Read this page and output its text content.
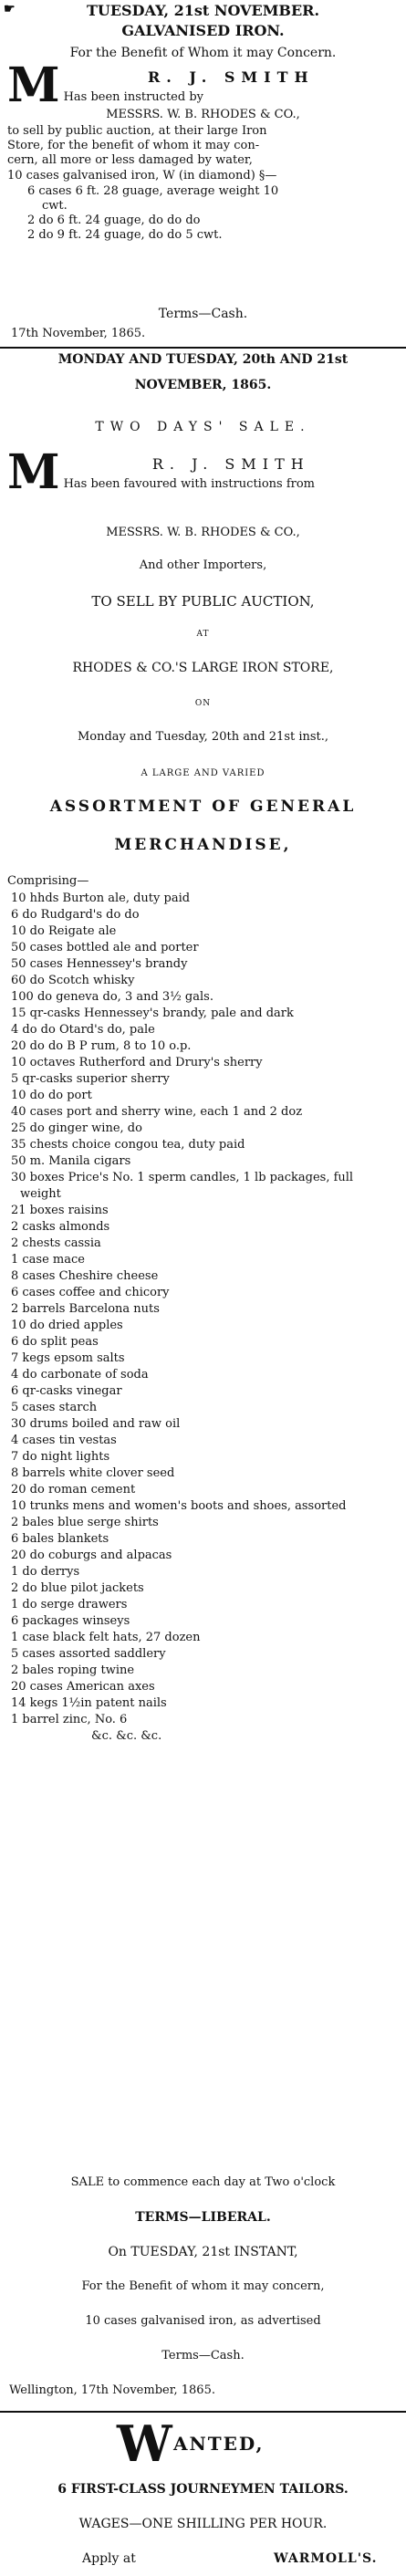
☛	TUESDAY, 21st NOVEMBER.
GALVANISED IRON.
For the Benefit of Whom it may Concern.
M	R. J. SMITH
Has been instructed by
MESSRS. W. B. RHODES & CO.,
to sell by public auction, at their large Iron
Store, for the benefit of whom it may con-
cern, all more or less damaged by water,
10 cases galvanised iron, W (in diamond) §—
6 cases 6 ft. 28 guage, average weight 10
cwt.
2 do 6 ft. 24 guage, do do do
2 do 9 ft. 24 guage, do do 5 cwt.
Terms—Cash.
17th November, 1865.
MONDAY AND TUESDAY, 20th AND 21st
NOVEMBER, 1865.
TWO DAYS' SALE.
M	R. J. SMITH
Has been favoured with instructions from
MESSRS. W. B. RHODES & CO.,
And other Importers,
TO SELL BY PUBLIC AUCTION,
AT
RHODES & CO.'S LARGE IRON STORE,
ON
Monday and Tuesday, 20th and 21st inst.,
A LARGE AND VARIED
ASSORTMENT OF GENERAL
MERCHANDISE,
Comprising—
10 hhds Burton ale, duty paid
6 do Rudgard's do do
10 do Reigate ale
50 cases bottled ale and porter
50 cases Hennessey's brandy
60 do Scotch whisky
100 do geneva do, 3 and 3½ gals.
15 qr-casks Hennessey's brandy, pale and dark
4 do do Otard's do, pale
20 do do B P rum, 8 to 10 o.p.
10 octaves Rutherford and Drury's sherry
5 qr-casks superior sherry
10 do do port
40 cases port and sherry wine, each 1 and 2 doz
25 do ginger wine, do
35 chests choice congou tea, duty paid
50 m. Manila cigars
30 boxes Price's No. 1 sperm candles, 1 lb packages, full weight
21 boxes raisins
2 casks almonds
2 chests cassia
1 case mace
8 cases Cheshire cheese
6 cases coffee and chicory
2 barrels Barcelona nuts
10 do dried apples
6 do split peas
7 kegs epsom salts
4 do carbonate of soda
6 qr-casks vinegar
5 cases starch
30 drums boiled and raw oil
4 cases tin vestas
7 do night lights
8 barrels white clover seed
20 do roman cement
10 trunks mens and women's boots and shoes, assorted
2 bales blue serge shirts
6 bales blankets
20 do coburgs and alpacas
1 do derrys
2 do blue pilot jackets
1 do serge drawers
6 packages winseys
1 case black felt hats, 27 dozen
5 cases assorted saddlery
2 bales roping twine
20 cases American axes
14 kegs 1½in patent nails
1 barrel zinc, No. 6
&c. &c. &c.
SALE to commence each day at Two o'clock
TERMS—LIBERAL.
On TUESDAY, 21st INSTANT,
For the Benefit of whom it may concern,
10 cases galvanised iron, as advertised
Terms—Cash.
Wellington, 17th November, 1865.
W ANTED,
6 FIRST-CLASS JOURNEYMEN TAILORS.
WAGES—ONE SHILLING PER HOUR.
Apply at	WARMOLL'S.
